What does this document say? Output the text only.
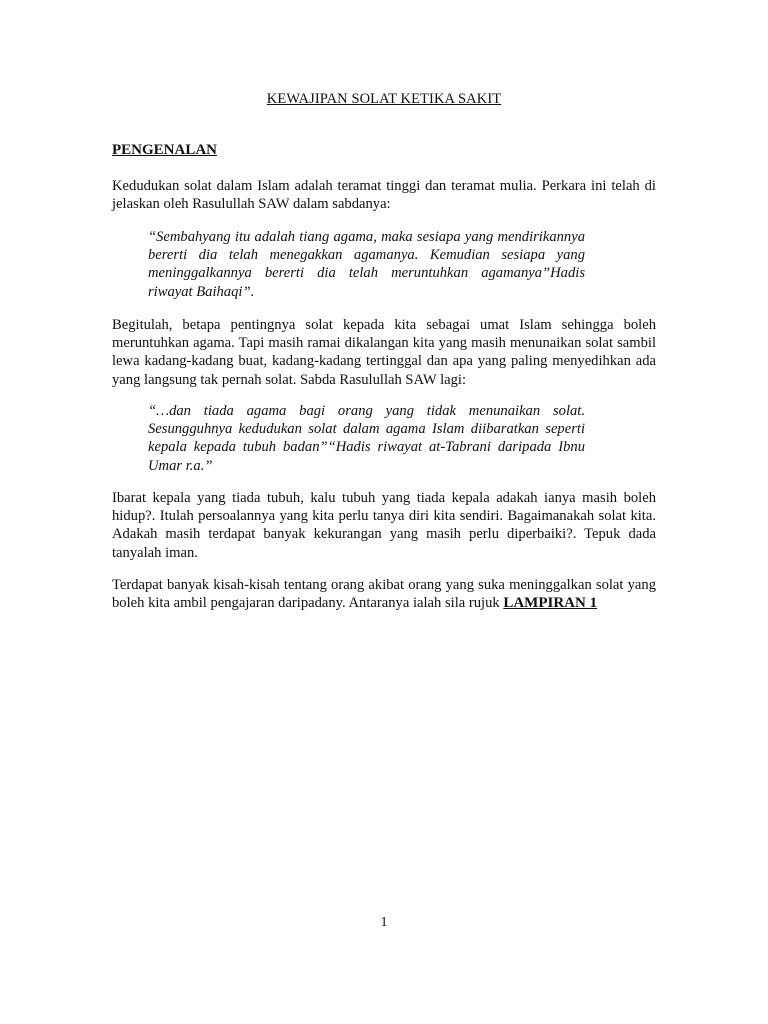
KEWAJIPAN SOLAT KETIKA SAKIT
PENGENALAN
Kedudukan solat dalam Islam adalah teramat tinggi dan teramat mulia. Perkara ini telah di jelaskan oleh Rasulullah SAW dalam sabdanya:
“Sembahyang itu adalah tiang agama, maka sesiapa yang mendirikannya bererti dia telah menegakkan agamanya. Kemudian sesiapa yang meninggalkannya bererti dia telah meruntuhkan agamanya”Hadis riwayat Baihaqi”.
Begitulah, betapa pentingnya solat kepada kita sebagai umat Islam sehingga boleh meruntuhkan agama. Tapi masih ramai dikalangan kita yang masih menunaikan solat sambil lewa kadang-kadang buat, kadang-kadang tertinggal dan apa yang paling menyedihkan ada yang langsung tak pernah solat. Sabda Rasulullah SAW lagi:
“…dan tiada agama bagi orang yang tidak menunaikan solat. Sesungguhnya kedudukan solat dalam agama Islam diibaratkan seperti kepala kepada tubuh badan”“Hadis riwayat at-Tabrani daripada Ibnu Umar r.a.”
Ibarat kepala yang tiada tubuh, kalu tubuh yang tiada kepala adakah ianya masih boleh hidup?. Itulah persoalannya yang kita perlu tanya diri kita sendiri. Bagaimanakah solat kita. Adakah masih terdapat banyak kekurangan yang masih perlu diperbaiki?. Tepuk dada tanyalah iman.
Terdapat banyak kisah-kisah tentang orang akibat orang yang suka meninggalkan solat yang boleh kita ambil pengajaran daripadany. Antaranya ialah sila rujuk LAMPIRAN 1
1
